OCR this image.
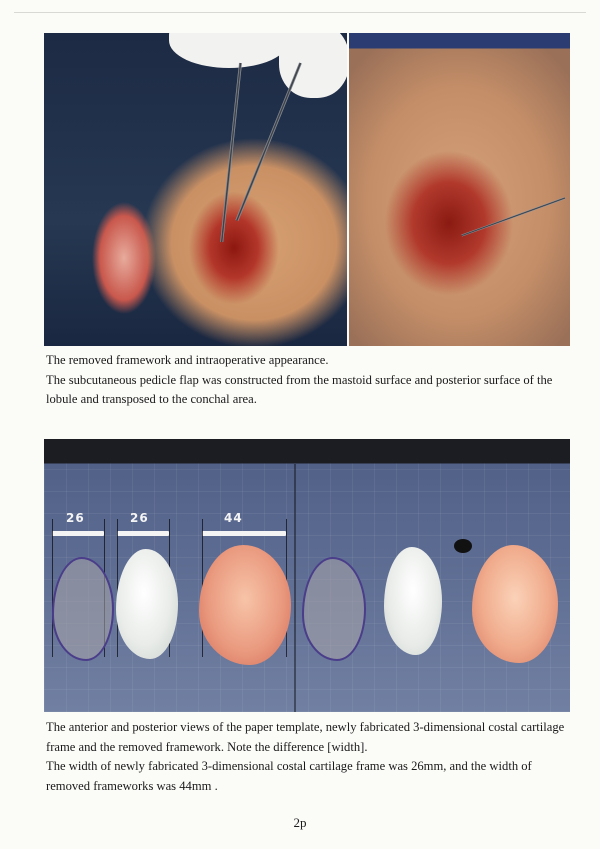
The removed framework and intraoperative appearance.

The subcutaneous pedicle flap was constructed from the mastoid surface and posterior surface of the lobule and transposed to the conchal area.

26	26	44

The anterior and posterior views of the paper template, newly fabricated 3-dimensional costal cartilage frame and the removed framework. Note the difference [width].

The width of newly fabricated 3-dimensional costal cartilage frame was 26mm, and the width of removed frameworks was 44mm .

2p
